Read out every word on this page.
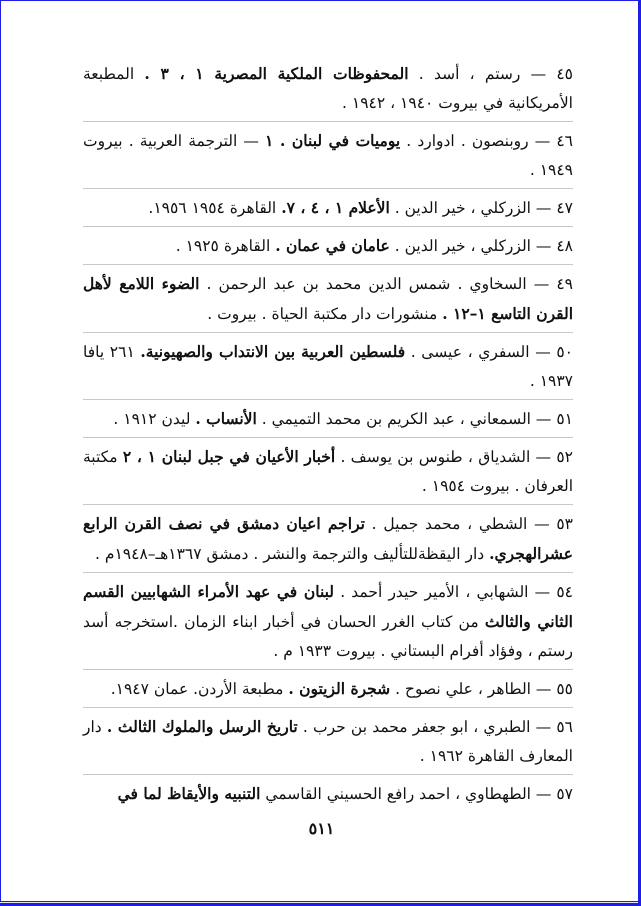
٤٥ — رستم ، أسد . المحفوظات الملكية المصرية ١ ، ٣ . المطبعة الأمريكانية في بيروت ١٩٤٠ ، ١٩٤٢ .
٤٦ — روبنصون . ادوارد . يوميات في لبنان . ١ — الترجمة العربية . بيروت ١٩٤٩ .
٤٧ — الزركلي ، خير الدين . الأعلام ١ ، ٤ ، ٧. القاهرة ١٩٥٤ ١٩٥٦.
٤٨ — الزركلي ، خير الدين . عامان في عمان . القاهرة ١٩٢٥ .
٤٩ — السخاوي . شمس الدين محمد بن عبد الرحمن . الضوء اللامع لأهل القرن التاسع ١–١٢ . منشورات دار مكتبة الحياة . بيروت .
٥٠ — السفري ، عيسى . فلسطين العربية بين الانتداب والصهيونية. ٢٦١ يافا ١٩٣٧ .
٥١ — السمعاني ، عبد الكريم بن محمد التميمي . الأنساب . ليدن ١٩١٢ .
٥٢ — الشدياق ، طنوس بن يوسف . أخبار الأعيان في جبل لبنان ١ ، ٢ مكتبة العرفان . بيروت ١٩٥٤ .
٥٣ — الشطي ، محمد جميل . تراجم اعيان دمشق في نصف القرن الرابع عشرالهجري. دار اليقظةللتأليف والترجمة والنشر . دمشق ١٣٦٧هـ–١٩٤٨م .
٥٤ — الشهابي ، الأمير حيدر أحمد . لبنان في عهد الأمراء الشهابيين القسم الثاني والثالث من كتاب الغرر الحسان في أخبار ابناء الزمان .استخرجه أسد رستم ، وفؤاد أفرام البستاني . بيروت ١٩٣٣ م .
٥٥ — الطاهر ، علي نصوح . شجرة الزيتون . مطبعة الأردن. عمان ١٩٤٧.
٥٦ — الطبري ، ابو جعفر محمد بن حرب . تاريخ الرسل والملوك الثالث . دار المعارف القاهرة ١٩٦٢ .
٥٧ — الطهطاوي ، احمد رافع الحسيني القاسمي التنبيه والأيقاظ لما في
٥١١
